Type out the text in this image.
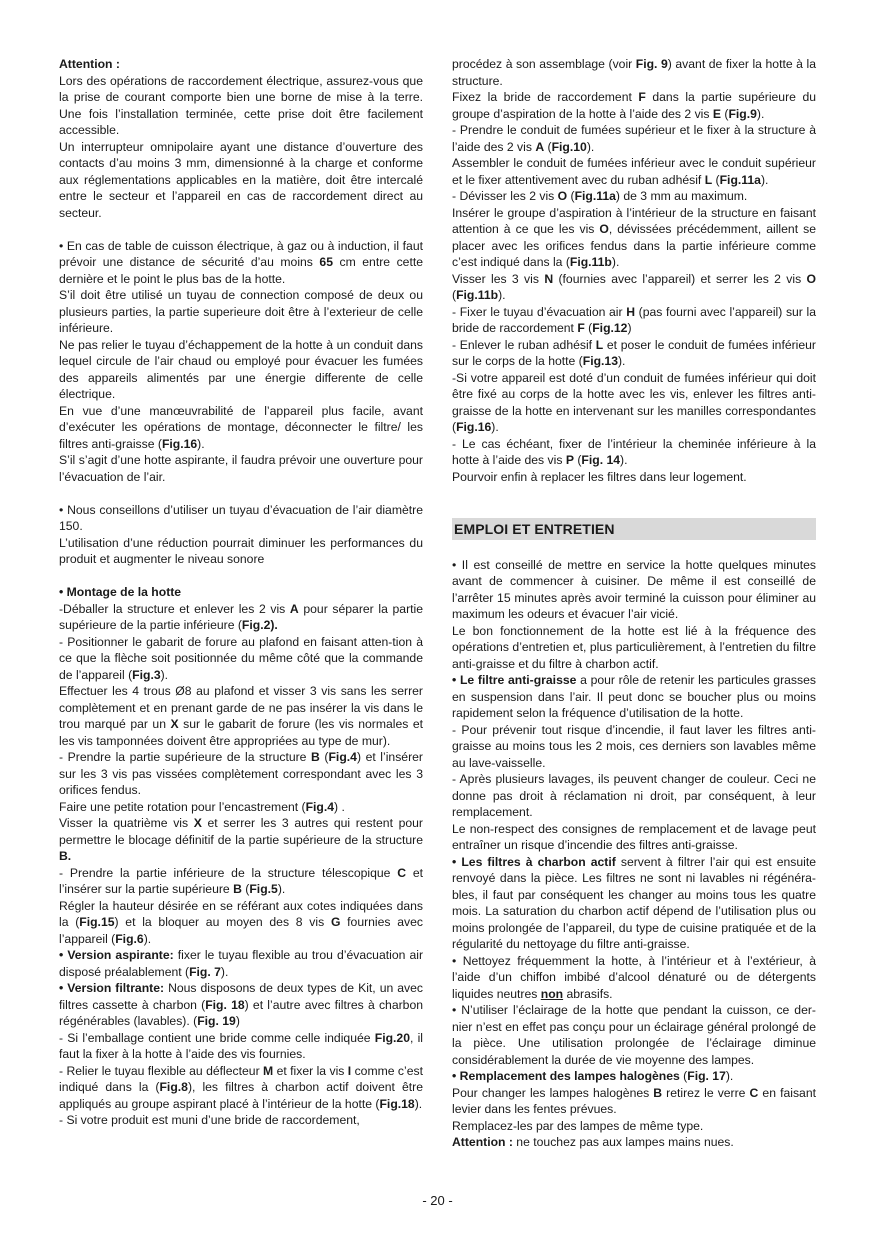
Attention :

Lors des opérations de raccordement électrique, assurez-vous que la prise de courant comporte bien une borne de mise à la terre. Une fois l’installation terminée, cette prise doit être facilement accessible.

Un interrupteur omnipolaire ayant une distance d’ouverture des contacts d’au moins 3 mm, dimensionné à la charge et conforme aux réglementations applicables en la matière, doit être intercalé entre le secteur et l’appareil en cas de raccordement direct au secteur.

• En cas de table de cuisson électrique, à gaz ou à induction, il faut prévoir une distance de sécurité d’au moins 65 cm entre cette dernière et le point le plus bas de la hotte.

S’il doit être utilisé un tuyau de connection composé de deux ou plusieurs parties, la partie superieure doit être à l’exterieur de celle inférieure.

Ne pas relier le tuyau d’échappement de la hotte à un conduit dans lequel circule de l’air chaud ou employé pour évacuer les fumées des appareils alimentés par une énergie differente de celle électrique.

En vue d’une manœuvrabilité de l’appareil plus facile, avant d’exécuter les opérations de montage, déconnecter le filtre/ les filtres anti-graisse (Fig.16).

S’il s’agit d’une hotte aspirante, il faudra prévoir une ouverture pour l’évacuation de l’air.

• Nous conseillons d’utiliser un tuyau d’évacuation de l’air diamètre 150.

L’utilisation d’une réduction pourrait diminuer les performances du produit et augmenter le niveau sonore

• Montage de la hotte

-Déballer la structure et enlever les 2 vis A pour séparer la partie supérieure de la partie inférieure (Fig.2).

- Positionner le gabarit de forure au plafond en faisant atten-tion à ce que la flèche soit positionnée du même côté que la commande de l’appareil (Fig.3).

Effectuer les 4 trous Ø8 au plafond et visser 3 vis sans les serrer complètement et en prenant garde de ne pas insérer la vis dans le trou marqué par un X sur le gabarit de forure (les vis normales et les vis tamponnées doivent être appropriées au type de mur).

- Prendre la partie supérieure de la structure B (Fig.4) et l’insérer sur les 3 vis pas vissées complètement correspondant avec les 3 orifices fendus.

Faire une petite rotation pour l’encastrement (Fig.4) .

Visser la quatrième vis X et serrer les 3 autres qui restent pour permettre le blocage définitif de la partie supérieure de la structure B.

- Prendre la partie inférieure de la structure télescopique C et l’insérer sur la partie supérieure B (Fig.5).

Régler la hauteur désirée en se référant aux cotes indiquées dans la (Fig.15) et la bloquer au moyen des 8 vis G fournies avec l’appareil (Fig.6).

• Version aspirante: fixer le tuyau flexible au trou d’évacuation air disposé préalablement (Fig. 7).

• Version filtrante: Nous disposons de deux types de Kit, un avec filtres cassette à charbon (Fig. 18) et l’autre avec filtres à charbon régénérables (lavables). (Fig. 19)

- Si l’emballage contient une bride comme celle indiquée Fig.20, il faut la fixer à la hotte à l’aide des vis fournies.

- Relier le tuyau flexible au déflecteur M et fixer la vis I comme c’est indiqué dans la (Fig.8), les filtres à charbon actif doivent être appliqués au groupe aspirant placé à l’intérieur de la hotte (Fig.18).

- Si votre produit est muni d’une bride de raccordement,

procédez à son assemblage (voir Fig. 9) avant de fixer la hotte à la structure.

Fixez la bride de raccordement F dans la partie supérieure du groupe d’aspiration de la hotte à l’aide des 2 vis E (Fig.9).

- Prendre le conduit de fumées supérieur et le fixer à la structure à l’aide des 2 vis A (Fig.10).

Assembler le conduit de fumées inférieur avec le conduit supérieur et le fixer attentivement avec du ruban adhésif L (Fig.11a).

- Dévisser les 2 vis O (Fig.11a) de 3 mm au maximum.

Insérer le groupe d’aspiration à l’intérieur de la structure en faisant attention à ce que les vis O, dévissées précédemment, aillent se placer avec les orifices fendus dans la partie inférieure comme c’est indiqué dans la (Fig.11b).

Visser les 3 vis N (fournies avec l’appareil) et serrer les 2 vis O (Fig.11b).

- Fixer le tuyau d’évacuation air H (pas fourni avec l’appareil) sur la bride de raccordement F (Fig.12)

- Enlever le ruban adhésif L et poser le conduit de fumées inférieur sur le corps de la hotte (Fig.13).

-Si votre appareil est doté d’un conduit de fumées inférieur qui doit être fixé au corps de la hotte avec les vis, enlever les filtres anti-graisse de la hotte en intervenant sur les manilles correspondantes (Fig.16).

- Le cas échéant, fixer de l’intérieur la cheminée inférieure à la hotte à l’aide des vis P (Fig. 14).

Pourvoir enfin à replacer les filtres dans leur logement.

EMPLOI ET ENTRETIEN

• Il est conseillé de mettre en service la hotte quelques minutes avant de commencer à cuisiner. De même il est conseillé de l’arrêter 15 minutes après avoir terminé la cuisson pour éliminer au maximum les odeurs et évacuer l’air vicié.

Le bon fonctionnement de la hotte est lié à la fréquence des opérations d’entretien et, plus particulièrement, à l’entretien du filtre anti-graisse et du filtre à charbon actif.

• Le filtre anti-graisse a pour rôle de retenir les particules grasses en suspension dans l’air. Il peut donc se boucher plus ou moins rapidement selon la fréquence d’utilisation de la hotte.

- Pour prévenir tout risque d’incendie, il faut laver les filtres anti-graisse au moins tous les 2 mois, ces derniers son lavables même au lave-vaisselle.

- Après plusieurs lavages, ils peuvent changer de couleur. Ceci ne donne pas droit à réclamation ni droit, par conséquent, à leur remplacement.

Le non-respect des consignes de remplacement et de lavage peut entraîner un risque d’incendie des filtres anti-graisse.

• Les filtres à charbon actif servent à filtrer l’air qui est ensuite renvoyé dans la pièce. Les filtres ne sont ni lavables ni régénéra-bles, il faut par conséquent les changer au moins tous les quatre mois. La saturation du charbon actif dépend de l’utilisation plus ou moins prolongée de l’appareil, du type de cuisine pratiquée et de la régularité du nettoyage du filtre anti-graisse.

• Nettoyez fréquemment la hotte, à l’intérieur et à l’extérieur, à l’aide d’un chiffon imbibé d’alcool dénaturé ou de détergents liquides neutres non abrasifs.

• N’utiliser l’éclairage de la hotte que pendant la cuisson, ce der-nier n’est en effet pas conçu pour un éclairage général prolongé de la pièce. Une utilisation prolongée de l’éclairage diminue considérablement la durée de vie moyenne des lampes.

• Remplacement des lampes halogènes (Fig. 17).

Pour changer les lampes halogènes B retirez le verre C en faisant levier dans les fentes prévues.

Remplacez-les par des lampes de même type.

Attention : ne touchez pas aux lampes mains nues.

- 20 -
